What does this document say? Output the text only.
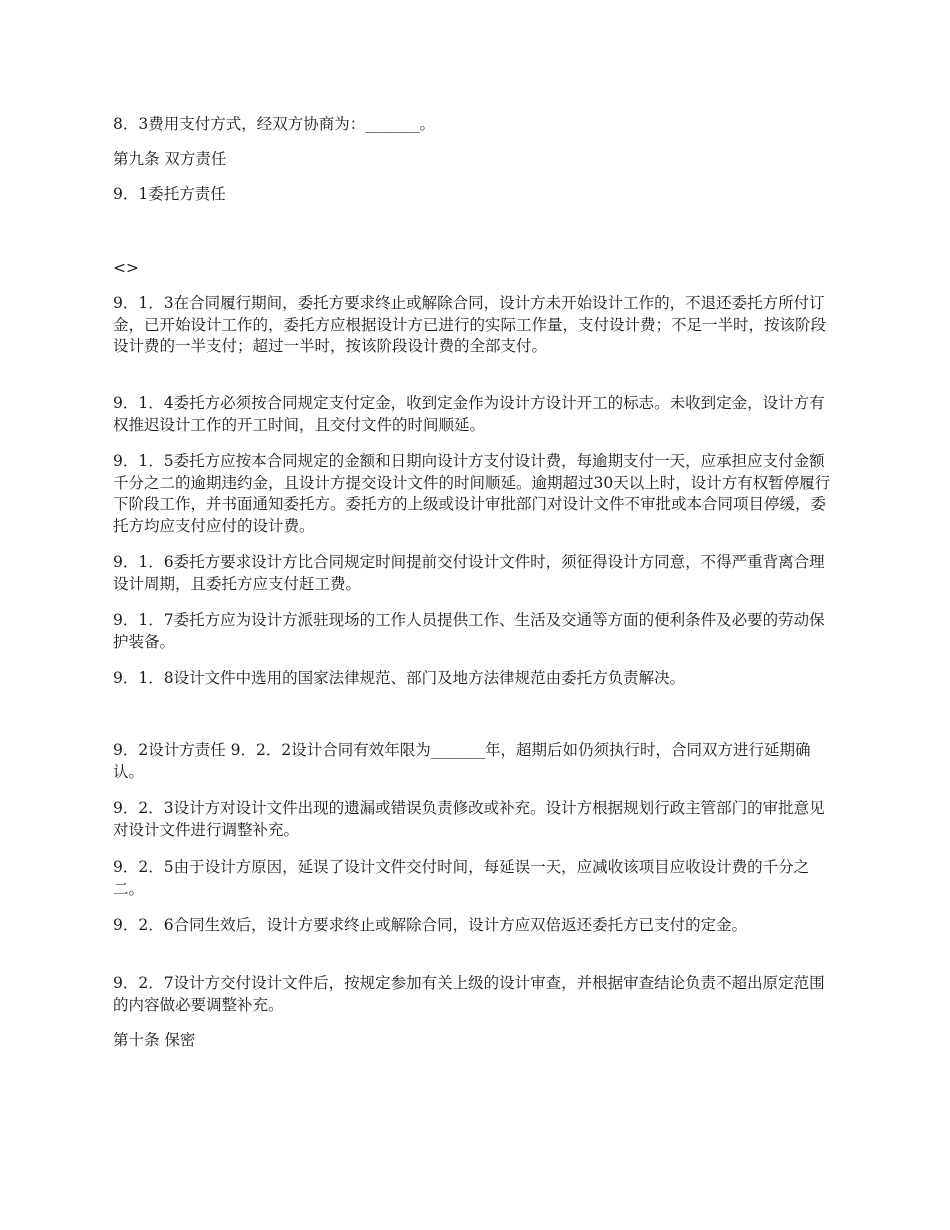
8．3费用支付方式，经双方协商为：_______。

第九条 双方责任

9．1委托方责任

<>

9．1．3在合同履行期间，委托方要求终止或解除合同，设计方未开始设计工作的，不退还委托方所付订金，已开始设计工作的，委托方应根据设计方已进行的实际工作量，支付设计费；不足一半时，按该阶段设计费的一半支付；超过一半时，按该阶段设计费的全部支付。

9．1．4委托方必须按合同规定支付定金，收到定金作为设计方设计开工的标志。未收到定金，设计方有权推迟设计工作的开工时间，且交付文件的时间顺延。

9．1．5委托方应按本合同规定的金额和日期向设计方支付设计费，每逾期支付一天，应承担应支付金额千分之二的逾期违约金，且设计方提交设计文件的时间顺延。逾期超过30天以上时，设计方有权暂停履行下阶段工作，并书面通知委托方。委托方的上级或设计审批部门对设计文件不审批或本合同项目停缓，委托方均应支付应付的设计费。

9．1．6委托方要求设计方比合同规定时间提前交付设计文件时，须征得设计方同意，不得严重背离合理设计周期，且委托方应支付赶工费。

9．1．7委托方应为设计方派驻现场的工作人员提供工作、生活及交通等方面的便利条件及必要的劳动保护装备。

9．1．8设计文件中选用的国家法律规范、部门及地方法律规范由委托方负责解决。

9．2设计方责任 9．2．2设计合同有效年限为_______年，超期后如仍须执行时，合同双方进行延期确认。

9．2．3设计方对设计文件出现的遗漏或错误负责修改或补充。设计方根据规划行政主管部门的审批意见对设计文件进行调整补充。

9．2．5由于设计方原因，延误了设计文件交付时间，每延误一天，应减收该项目应收设计费的千分之二。

9．2．6合同生效后，设计方要求终止或解除合同，设计方应双倍返还委托方已支付的定金。

9．2．7设计方交付设计文件后，按规定参加有关上级的设计审查，并根据审查结论负责不超出原定范围的内容做必要调整补充。

第十条 保密
